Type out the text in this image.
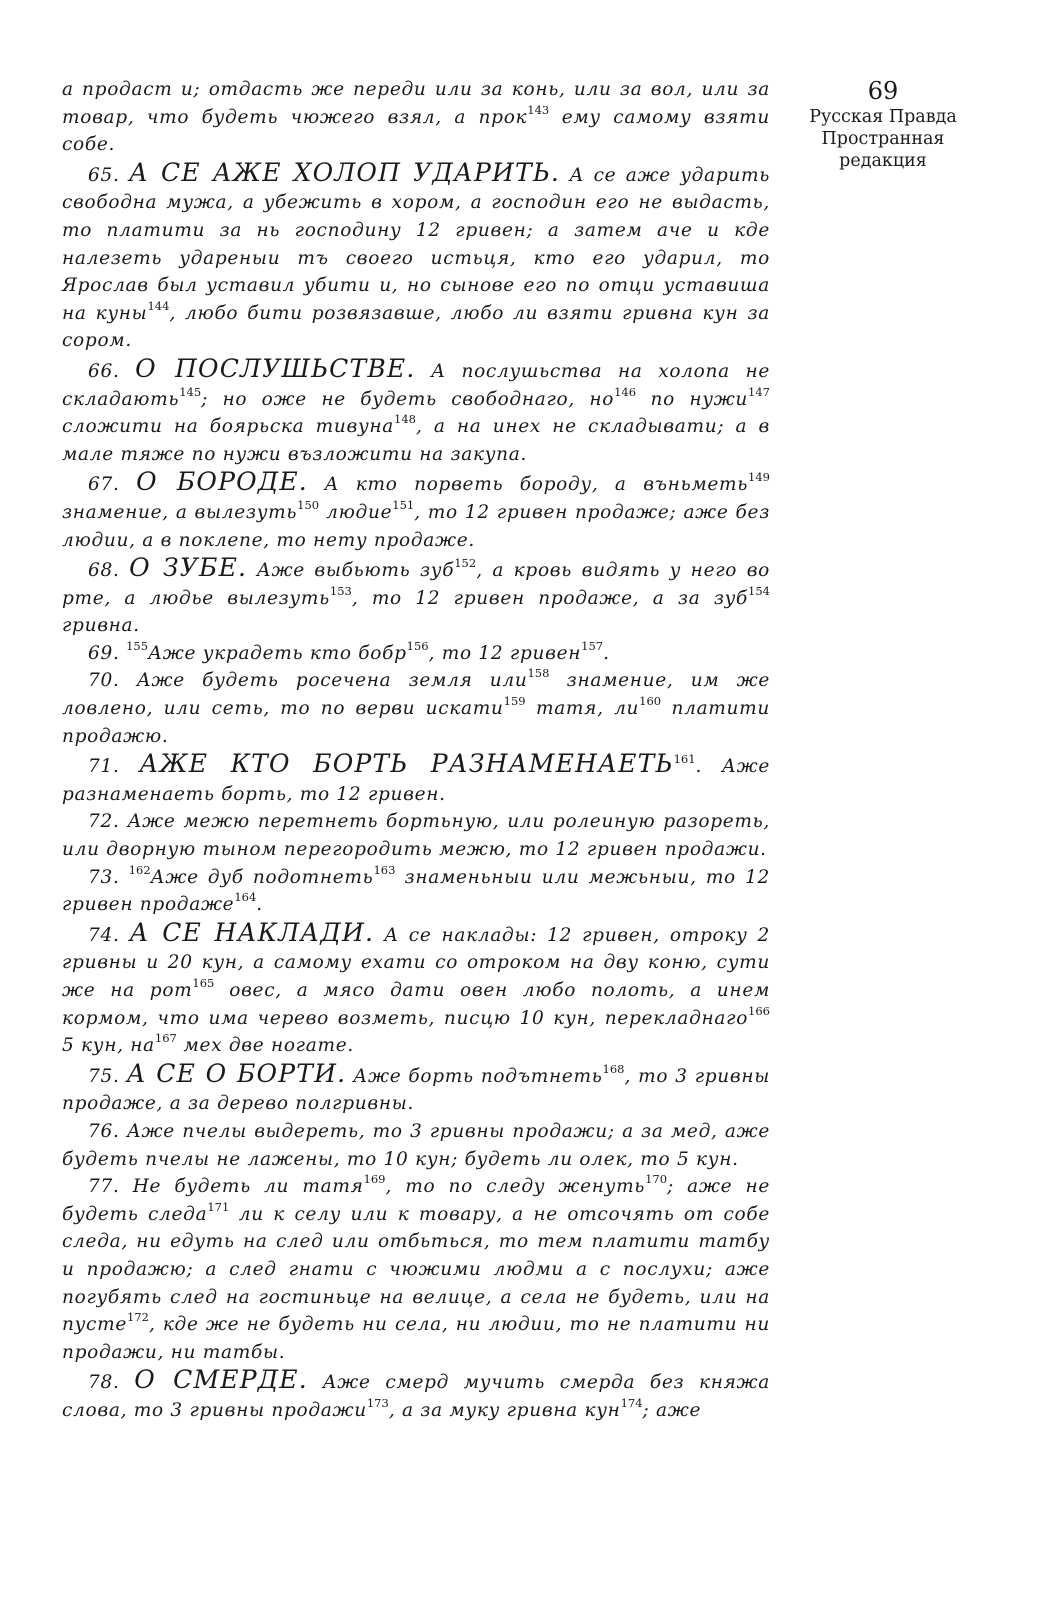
69
Русская Правда
Пространная
редакция

а продаст и; отдасть же переди или за конь, или за вол, или за товар, что будеть чюжего взял, а прок$^{143}$ ему самому взяти собе.

65. А СЕ АЖЕ ХОЛОП УДАРИТЬ. А се аже ударить свободна мужа, а убежить в хором, а господин его не выдасть, то платити за нь господину 12 гривен; а затем аче и кде налезеть удареныи тъ своего истьця, кто его ударил, то Ярослав был уставил убити и, но сынове его по отци уставиша на куны$^{144}$, любо бити розвязавше, любо ли взяти гривна кун за сором.

66. О ПОСЛУШЬСТВЕ. А послушьства на холопа не складають$^{145}$; но оже не будеть свободнаго, $но^{146}$ по нужи$^{147}$ сложити на боярьска тивуна$^{148}$, а на инех не складывати; а в мале тяже по нужи възложити на закупа.

67. О БОРОДЕ. А кто порветь бороду, а въньметь$^{149}$ знамение, а вылезуть$^{150}$ людие$^{151}$, то 12 гривен продаже; аже без людии, а в поклепе, то нету продаже.

68. О ЗУБЕ. Аже выбьють зуб$^{152}$, а кровь видять у него во рте, а людье вылезуть$^{153}$, то 12 гривен продаже, а за зуб$^{154}$ гривна.

69. $^{155}$Аже украдеть кто бобр$^{156}$, то 12 гривен$^{157}$.

70. Аже будеть росечена земля или$^{158}$ знамение, им же ловлено, или сеть, то по верви искати$^{159}$ татя, $ли^{160}$ платити продажю.

71. АЖЕ КТО БОРТЬ РАЗНАМЕНАЕТЬ$^{161}$. Аже разнаменаеть борть, то 12 гривен.

72. Аже межю перетнеть бортьную, или ролеиную разореть, или дворную тыном перегородить межю, то 12 гривен продажи.

73. $^{162}$Аже дуб подотнеть$^{163}$ знаменьныи или межьныи, то 12 гривен продаже$^{164}$.

74. А СЕ НАКЛАДИ. А се наклады: 12 гривен, отроку 2 гривны и 20 кун, а самому ехати со отроком на дву коню, сути же на рот$^{165}$ овес, а мясо дати овен любо полоть, а инем кормом, что има черево возметь, писцю 10 кун, перекладнаго$^{166}$ 5 кун, $на^{167}$ мех две ногате.

75. А СЕ О БОРТИ. Аже борть подътнеть$^{168}$, то 3 гривны продаже, а за дерево полгривны.

76. Аже пчелы выдереть, то 3 гривны продажи; а за мед, аже будеть пчелы не лажены, то 10 кун; будеть ли олек, то 5 кун.

77. Не будеть ли татя$^{169}$, то по следу женуть$^{170}$; аже не будеть следа$^{171}$ ли к селу или к товару, а не отсочять от собе следа, ни едуть на след или отбьться, то тем платити татбу и продажю; а след гнати с чюжими людми а с послухи; аже погубять след на гостиньце на велице, а села не будеть, или на пусте$^{172}$, кде же не будеть ни села, ни людии, то не платити ни продажи, ни татбы.

78. О СМЕРДЕ. Аже смерд мучить смерда без княжа слова, то 3 гривны продажи$^{173}$, а за муку гривна кун$^{174}$; аже
